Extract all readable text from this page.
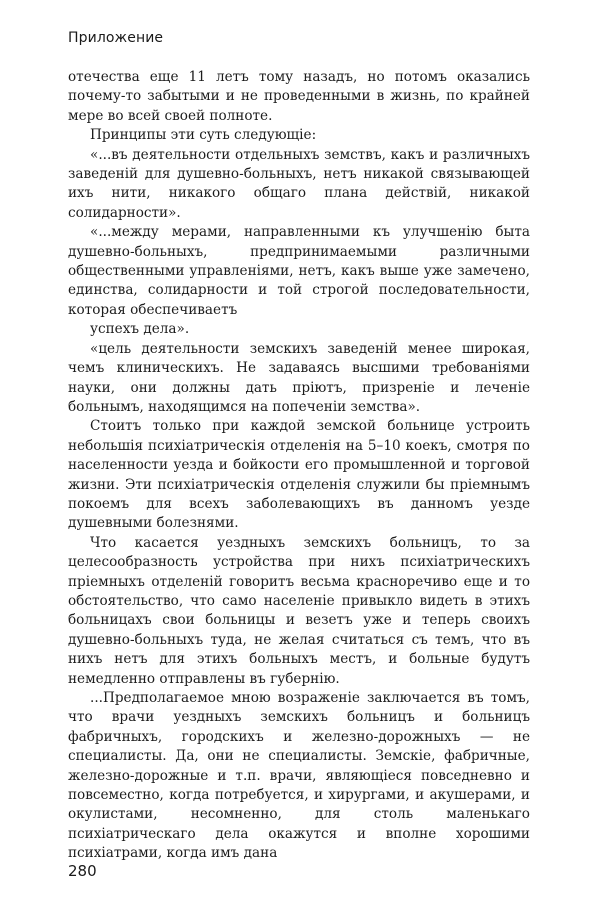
Приложение

отечества еще 11 летъ тому назадъ, но потомъ оказались почему-то забытыми и не проведенными в жизнь, по крайней мере во всей своей полноте.

Принципы эти суть следующiе:

«...въ деятельности отдельныхъ земствъ, какъ и различныхъ заведенiй для душевно-больныхъ, нетъ никакой связывающей ихъ нити, никакого общаго плана действiй, никакой солидарности».

«...между мерами, направленными къ улучшенiю быта душевно-больныхъ, предпринимаемыми различными общественными управленiями, нетъ, какъ выше уже замечено, единства, солидарности и той строгой последовательности, которая обеспечиваетъ

успехъ дела».

«цель деятельности земскихъ заведенiй менее широкая, чемъ клиническихъ. Не задаваясь высшими требованiями науки, они должны дать прiютъ, призренiе и леченiе больнымъ, находящимся на попеченiи земства».

Стоитъ только при каждой земской больнице устроить небольшiя психiатрическiя отделенiя на 5–10 коекъ, смотря по населенности уезда и бойкости его промышленной и торговой жизни. Эти психiатрическiя отделенiя служили бы прiемнымъ покоемъ для всехъ заболевающихъ въ данномъ уезде душевными болезнями.

Что касается уездныхъ земскихъ больницъ, то за целесообразность устройства при нихъ психiатрическихъ прiемныхъ отделенiй говоритъ весьма красноречиво еще и то обстоятельство, что само населенiе привыкло видеть в этихъ больницахъ свои больницы и везетъ уже и теперь своихъ душевно-больныхъ туда, не желая считаться съ темъ, что въ нихъ нетъ для этихъ больныхъ местъ, и больные будутъ немедленно отправлены въ губернiю.

...Предполагаемое мною возраженiе заключается въ томъ, что врачи уездныхъ земскихъ больницъ и больницъ фабричныхъ, городскихъ и железно-дорожныхъ — не специалисты. Да, они не специалисты. Земскiе, фабричные, железно-дорожные и т.п. врачи, являющiеся повседневно и повсеместно, когда потребуется, и хирургами, и акушерами, и окулистами, несомненно, для столь маленькаго психiатрическаго дела окажутся и вполне хорошими психiатрами, когда имъ дана

280
